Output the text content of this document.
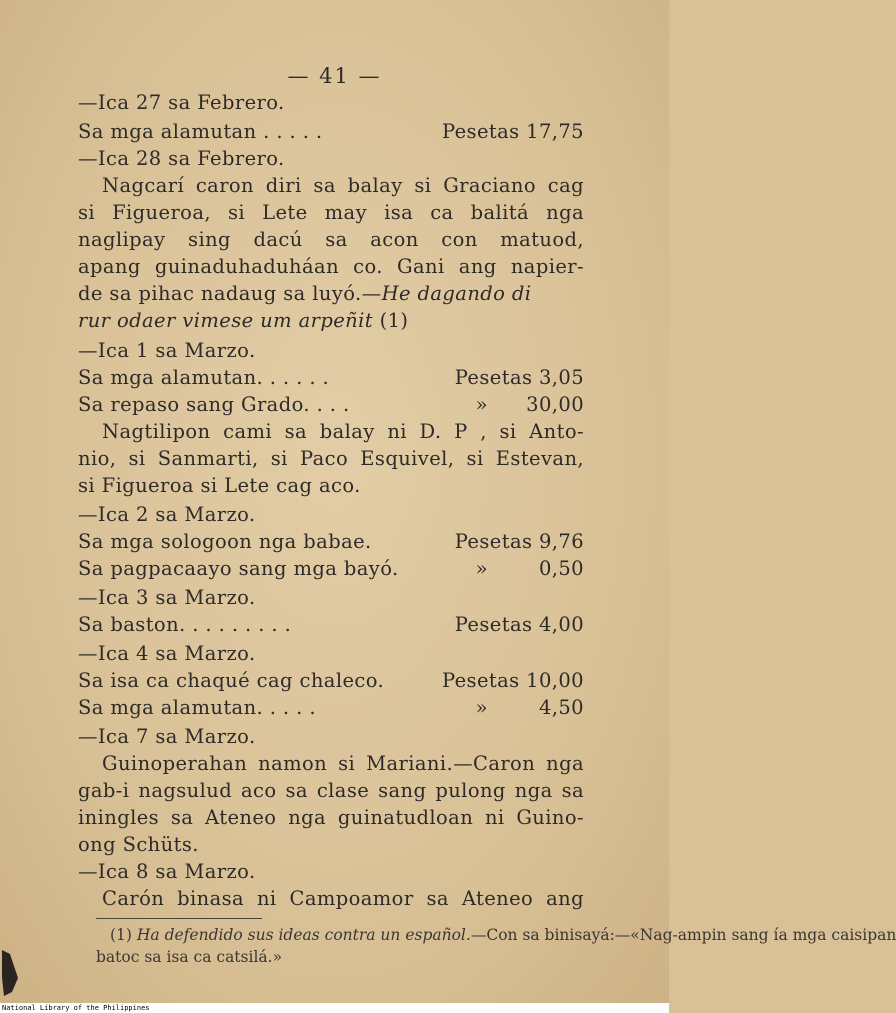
— 41 —
—Ica 27 sa Febrero.
Sa mga alamutan . . . . .	Pesetas 17,75
—Ica 28 sa Febrero.
Nagcarí caron diri sa balay si Graciano cag
si Figueroa, si Lete may isa ca balitá nga
naglipay sing dacú sa acon con matuod,
apang guinaduhaduháan co. Gani ang napier-
de sa pihac nadaug sa luyó.—He dagando di
rur odaer vimese um arpeñit (1)
—Ica 1 sa Marzo.
Sa mga alamutan. . . . . .	Pesetas 3,05
Sa repaso sang Grado. . . .	»	30,00
Nagtilipon cami sa balay ni D. P , si Anto-
nio, si Sanmarti, si Paco Esquivel, si Estevan,
si Figueroa si Lete cag aco.
—Ica 2 sa Marzo.
Sa mga sologoon nga babae.	Pesetas 9,76
Sa pagpacaayo sang mga bayó.	»	0,50
—Ica 3 sa Marzo.
Sa baston. . . . . . . . .	Pesetas 4,00
—Ica 4 sa Marzo.
Sa isa ca chaqué cag chaleco.	Pesetas 10,00
Sa mga alamutan. . . . .	»	4,50
—Ica 7 sa Marzo.
Guinoperahan namon si Mariani.—Caron nga
gab-i nagsulud aco sa clase sang pulong nga sa
iningles sa Ateneo nga guinatudloan ni Guino-
ong Schüts.
—Ica 8 sa Marzo.
Carón binasa ni Campoamor sa Ateneo ang
(1) Ha defendido sus ideas contra un español.—Con sa binisayá:—«Nag-ampin sang ía mga caisipan
batoc sa isa ca catsilá.»
National Library of the Philippines
